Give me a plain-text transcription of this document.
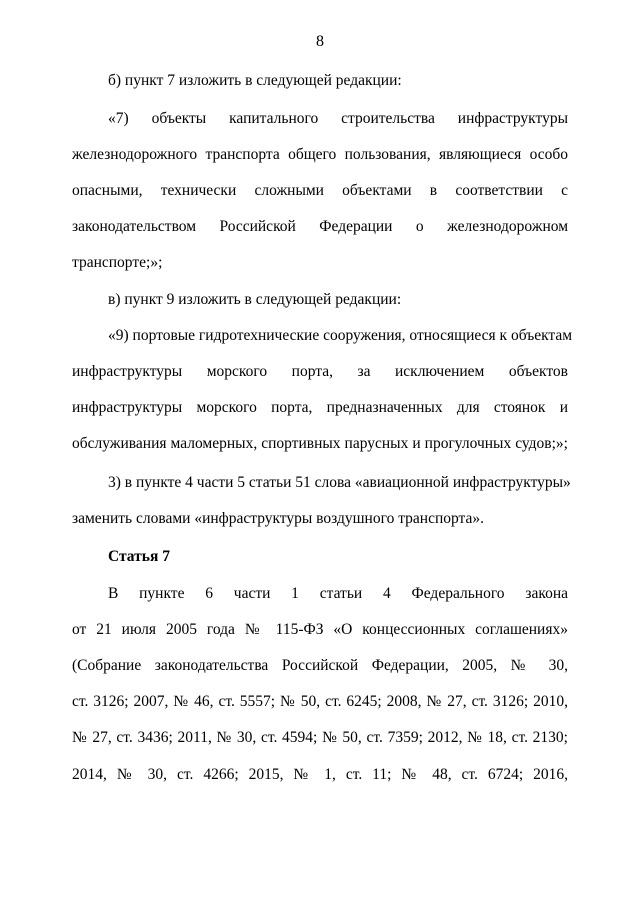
8
б) пункт 7 изложить в следующей редакции:
«7) объекты капитального строительства инфраструктуры
железнодорожного транспорта общего пользования, являющиеся особо
опасными, технически сложными объектами в соответствии с
законодательством Российской Федерации о железнодорожном
транспорте;»;
в) пункт 9 изложить в следующей редакции:
«9) портовые гидротехнические сооружения, относящиеся к объектам
инфраструктуры морского порта, за исключением объектов
инфраструктуры морского порта, предназначенных для стоянок и
обслуживания маломерных, спортивных парусных и прогулочных судов;»;
3) в пункте 4 части 5 статьи 51 слова «авиационной инфраструктуры»
заменить словами «инфраструктуры воздушного транспорта».
Статья 7
В пункте 6 части 1 статьи 4 Федерального закона
от 21 июля 2005 года № 115-ФЗ «О концессионных соглашениях»
(Собрание законодательства Российской Федерации, 2005, № 30,
ст. 3126; 2007, № 46, ст. 5557; № 50, ст. 6245; 2008, № 27, ст. 3126; 2010,
№ 27, ст. 3436; 2011, № 30, ст. 4594; № 50, ст. 7359; 2012, № 18, ст. 2130;
2014, № 30, ст. 4266; 2015, № 1, ст. 11; № 48, ст. 6724; 2016,
